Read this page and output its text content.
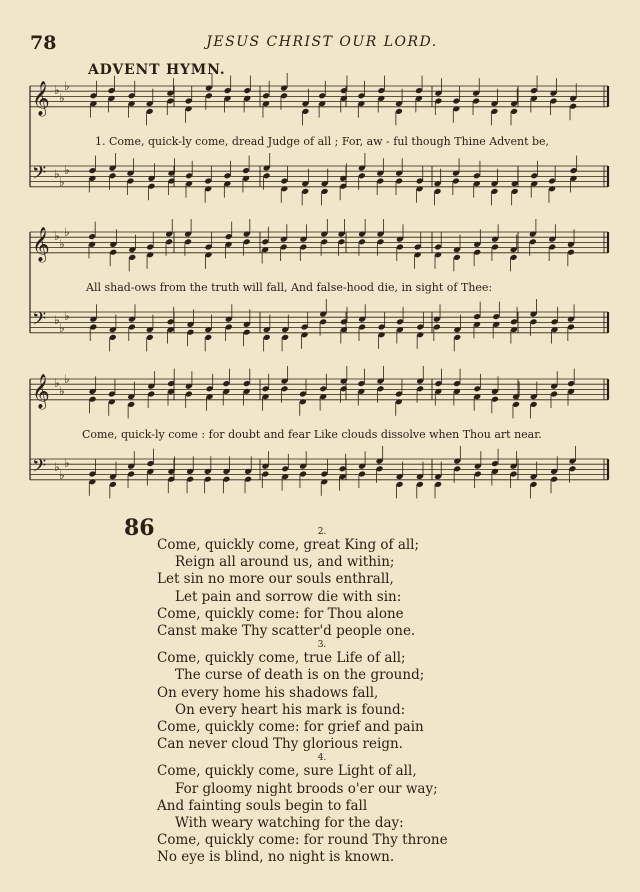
78	JESUS CHRIST OUR LORD.
ADVENT HYMN.
𝄞 ♭
♭
♭
𝄢 ♭
♭
♭
𝄞 ♭
♭
♭
𝄢 ♭
♭
♭
𝄞 ♭
♭
♭
𝄢 ♭
♭
♭
1. Come, quick-ly come, dread Judge of all ; For, aw - ful though Thine Advent be,
All shad-ows from the truth will fall, And false-hood die, in sight of Thee:
Come, quick-ly come : for doubt and fear Like clouds dissolve when Thou art near.
86	2.
Come, quickly come, great King of all;
Reign all around us, and within;
Let sin no more our souls enthrall,
Let pain and sorrow die with sin:
Come, quickly come: for Thou alone
Canst make Thy scatter'd people one.
3.
Come, quickly come, true Life of all;
The curse of death is on the ground;
On every home his shadows fall,
On every heart his mark is found:
Come, quickly come: for grief and pain
Can never cloud Thy glorious reign.
4.
Come, quickly come, sure Light of all,
For gloomy night broods o'er our way;
And fainting souls begin to fall
With weary watching for the day:
Come, quickly come: for round Thy throne
No eye is blind, no night is known.
